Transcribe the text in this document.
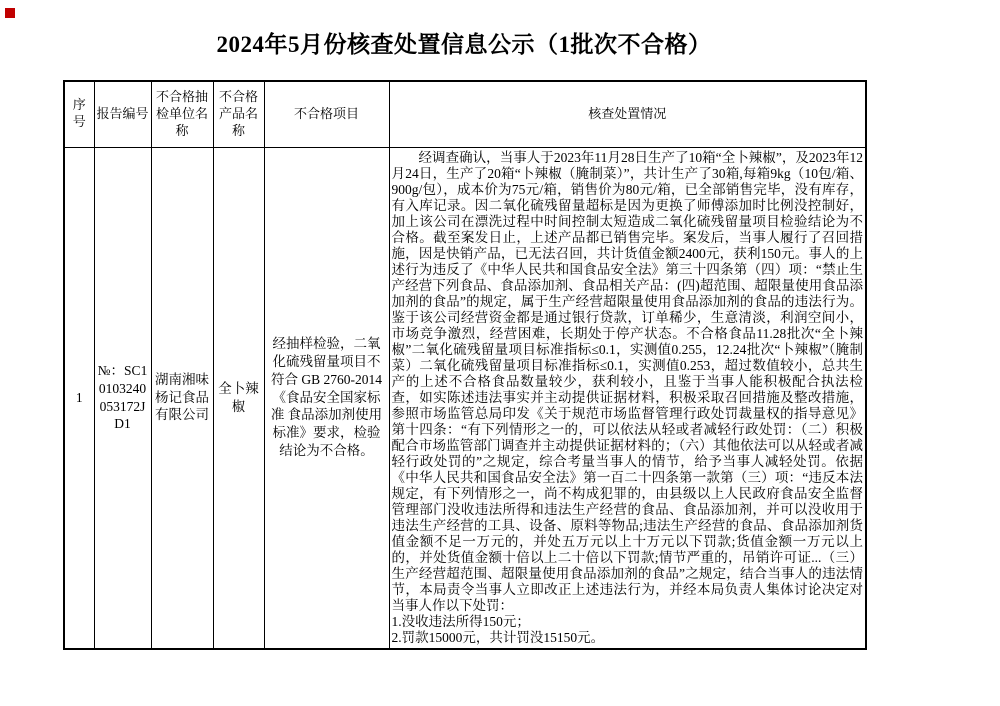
2024年5月份核查处置信息公示（1批次不合格）
序号	报告编号	不合格抽检单位名称	不合格产品名称	不合格项目	核查处置情况
1	№：SC10103240053172JD1	湖南湘味杨记食品有限公司	全卜辣椒	经抽样检验，二氧化硫残留量项目不符合 GB 2760-2014《食品安全国家标准 食品添加剂使用标准》要求，检验结论为不合格。	经调查确认，当事人于2023年11月28日生产了10箱“全卜辣椒”，及2023年12月24日，生产了20箱“卜辣椒（腌制菜）”，共计生产了30箱,每箱9kg（10包/箱、900g/包），成本价为75元/箱，销售价为80元/箱，已全部销售完毕，没有库存，有入库记录。因二氧化硫残留量超标是因为更换了师傅添加时比例没控制好，加上该公司在漂洗过程中时间控制太短造成二氧化硫残留量项目检验结论为不合格。截至案发日止，上述产品都已销售完毕。案发后，当事人履行了召回措施，因是快销产品，已无法召回，共计货值金额2400元，获利150元。事人的上述行为违反了《中华人民共和国食品安全法》第三十四条第（四）项：“禁止生产经营下列食品、食品添加剂、食品相关产品：(四)超范围、超限量使用食品添加剂的食品”的规定，属于生产经营超限量使用食品添加剂的食品的违法行为。鉴于该公司经营资金都是通过银行贷款，订单稀少，生意清淡，利润空间小，市场竞争激烈，经营困难，长期处于停产状态。不合格食品11.28批次“全卜辣椒”二氧化硫残留量项目标准指标≤0.1，实测值0.255，12.24批次“卜辣椒”（腌制菜）二氧化硫残留量项目标准指标≤0.1，实测值0.253，超过数值较小，总共生产的上述不合格食品数量较少，获利较小，且鉴于当事人能积极配合执法检查，如实陈述违法事实并主动提供证据材料，积极采取召回措施及整改措施，参照市场监管总局印发《关于规范市场监督管理行政处罚裁量权的指导意见》第十四条：“有下列情形之一的，可以依法从轻或者减轻行政处罚：（二）积极配合市场监管部门调查并主动提供证据材料的；（六）其他依法可以从轻或者减轻行政处罚的”之规定，综合考量当事人的情节，给予当事人减轻处罚。依据《中华人民共和国食品安全法》第一百二十四条第一款第（三）项：“违反本法规定，有下列情形之一，尚不构成犯罪的，由县级以上人民政府食品安全监督管理部门没收违法所得和违法生产经营的食品、食品添加剂，并可以没收用于违法生产经营的工具、设备、原料等物品;违法生产经营的食品、食品添加剂货值金额不足一万元的，并处五万元以上十万元以下罚款;货值金额一万元以上的，并处货值金额十倍以上二十倍以下罚款;情节严重的，吊销许可证...（三）生产经营超范围、超限量使用食品添加剂的食品”之规定，结合当事人的违法情节，本局责令当事人立即改正上述违法行为，并经本局负责人集体讨论决定对当事人作以下处罚：

1.没收违法所得150元；

2.罚款15000元，共计罚没15150元。
